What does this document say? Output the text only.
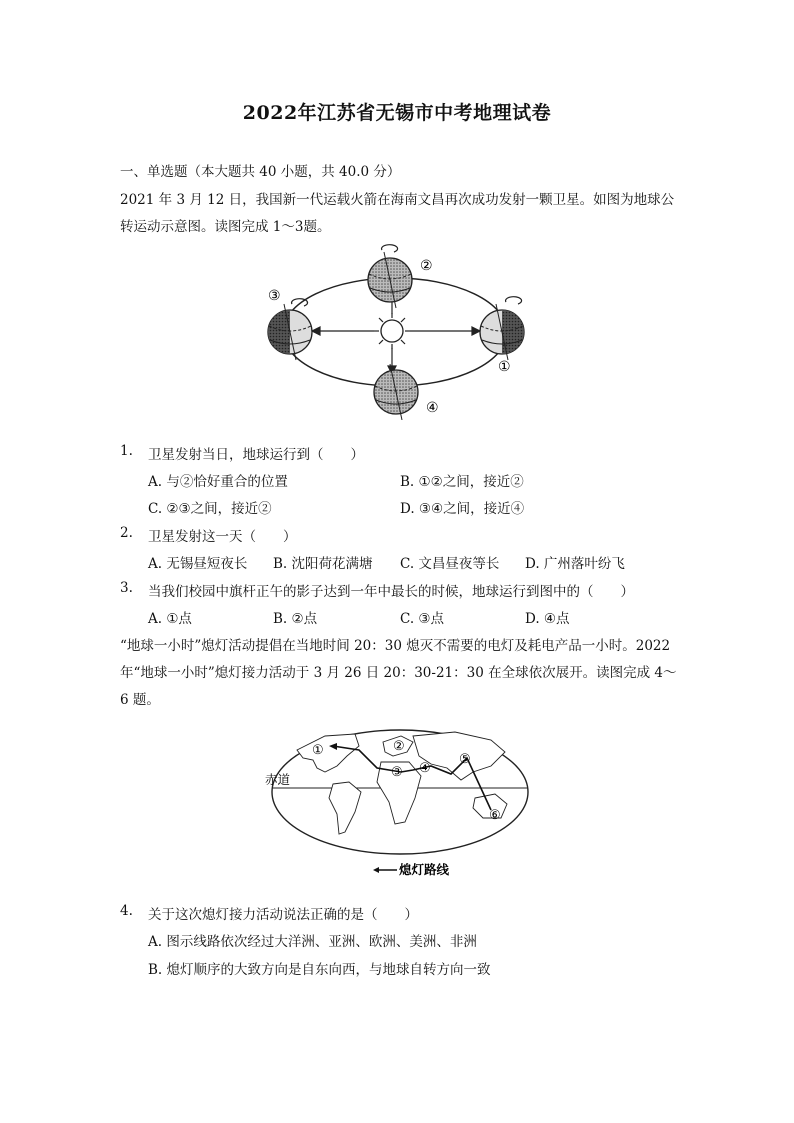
2022年江苏省无锡市中考地理试卷
一、单选题（本大题共 40 小题，共 40.0 分）
2021 年 3 月 12 日，我国新一代运载火箭在海南文昌再次成功发射一颗卫星。如图为地球公
转运动示意图。读图完成 1～3题。
②
③
①
④
1. 卫星发射当日，地球运行到（　　）
A. 与②恰好重合的位置	B. ①②之间，接近②
C. ②③之间，接近②	D. ③④之间，接近④
2. 卫星发射这一天（　　）
A. 无锡昼短夜长 B. 沈阳荷花满塘 C. 文昌昼夜等长 D. 广州落叶纷飞
3. 当我们校园中旗杆正午的影子达到一年中最长的时候，地球运行到图中的（　　）
A. ①点	B. ②点	C. ③点	D. ④点
“地球一小时”熄灯活动提倡在当地时间 20：30 熄灭不需要的电灯及耗电产品一小时。2022
年“地球一小时”熄灯接力活动于 3 月 26 日 20：30-21：30 在全球依次展开。读图完成 4～
6 题。
①	②
③ ④
⑤
⑥
赤道
熄灯路线
4. 关于这次熄灯接力活动说法正确的是（　　）
A. 图示线路依次经过大洋洲、亚洲、欧洲、美洲、非洲
B. 熄灯顺序的大致方向是自东向西，与地球自转方向一致
